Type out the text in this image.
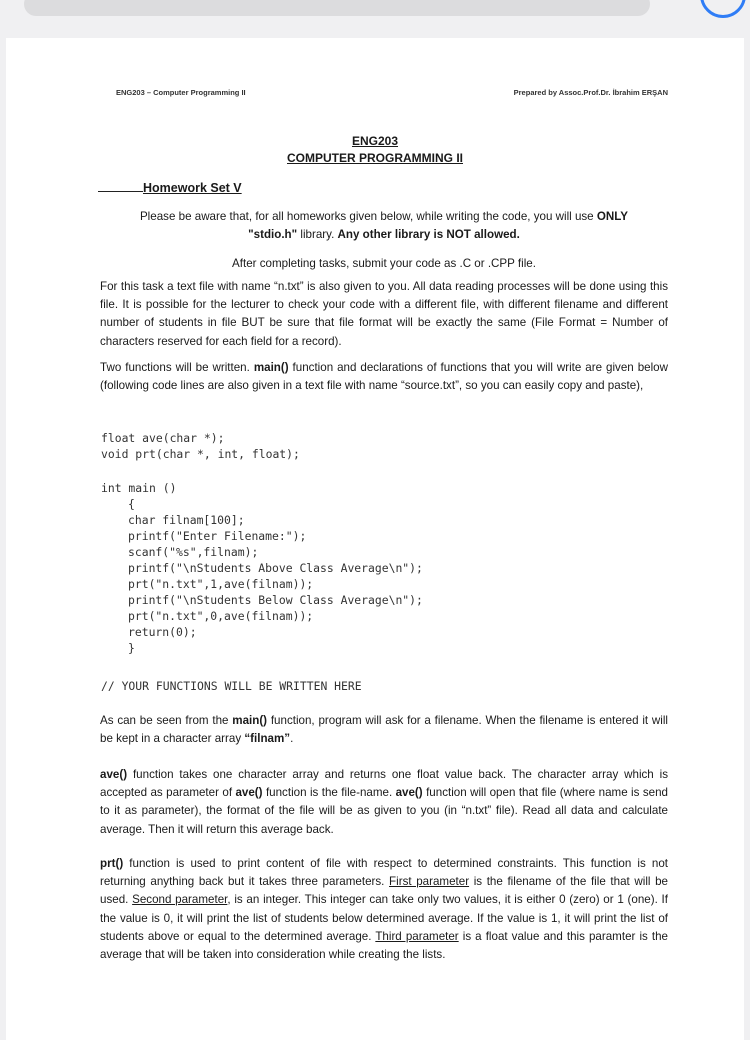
ENG203 – Computer Programming II	Prepared by Assoc.Prof.Dr. İbrahim ERŞAN
ENG203
COMPUTER PROGRAMMING II
Homework Set V
Please be aware that, for all homeworks given below, while writing the code, you will use ONLY
"stdio.h" library. Any other library is NOT allowed.
After completing tasks, submit your code as .C or .CPP file.
For this task a text file with name “n.txt” is also given to you. All data reading processes will be done using this file. It is possible for the lecturer to check your code with a different file, with different filename and different number of students in file BUT be sure that file format will be exactly the same (File Format = Number of characters reserved for each field for a record).
Two functions will be written. main() function and declarations of functions that you will write are given below (following code lines are also given in a text file with name “source.txt”, so you can easily copy and paste),
float ave(char *);
void prt(char *, int, float);
int main ()
{
char filnam[100];
printf("Enter Filename:");
scanf("%s",filnam);
printf("\nStudents Above Class Average\n");
prt("n.txt",1,ave(filnam));
printf("\nStudents Below Class Average\n");
prt("n.txt",0,ave(filnam));
return(0);
}
// YOUR FUNCTIONS WILL BE WRITTEN HERE
As can be seen from the main() function, program will ask for a filename. When the filename is entered it will be kept in a character array “filnam”.
ave() function takes one character array and returns one float value back. The character array which is accepted as parameter of ave() function is the file-name. ave() function will open that file (where name is send to it as parameter), the format of the file will be as given to you (in “n.txt” file). Read all data and calculate average. Then it will return this average back.
prt() function is used to print content of file with respect to determined constraints. This function is not returning anything back but it takes three parameters. First parameter is the filename of the file that will be used. Second parameter, is an integer. This integer can take only two values, it is either 0 (zero) or 1 (one). If the value is 0, it will print the list of students below determined average. If the value is 1, it will print the list of students above or equal to the determined average. Third parameter is a float value and this paramter is the average that will be taken into consideration while creating the lists.
